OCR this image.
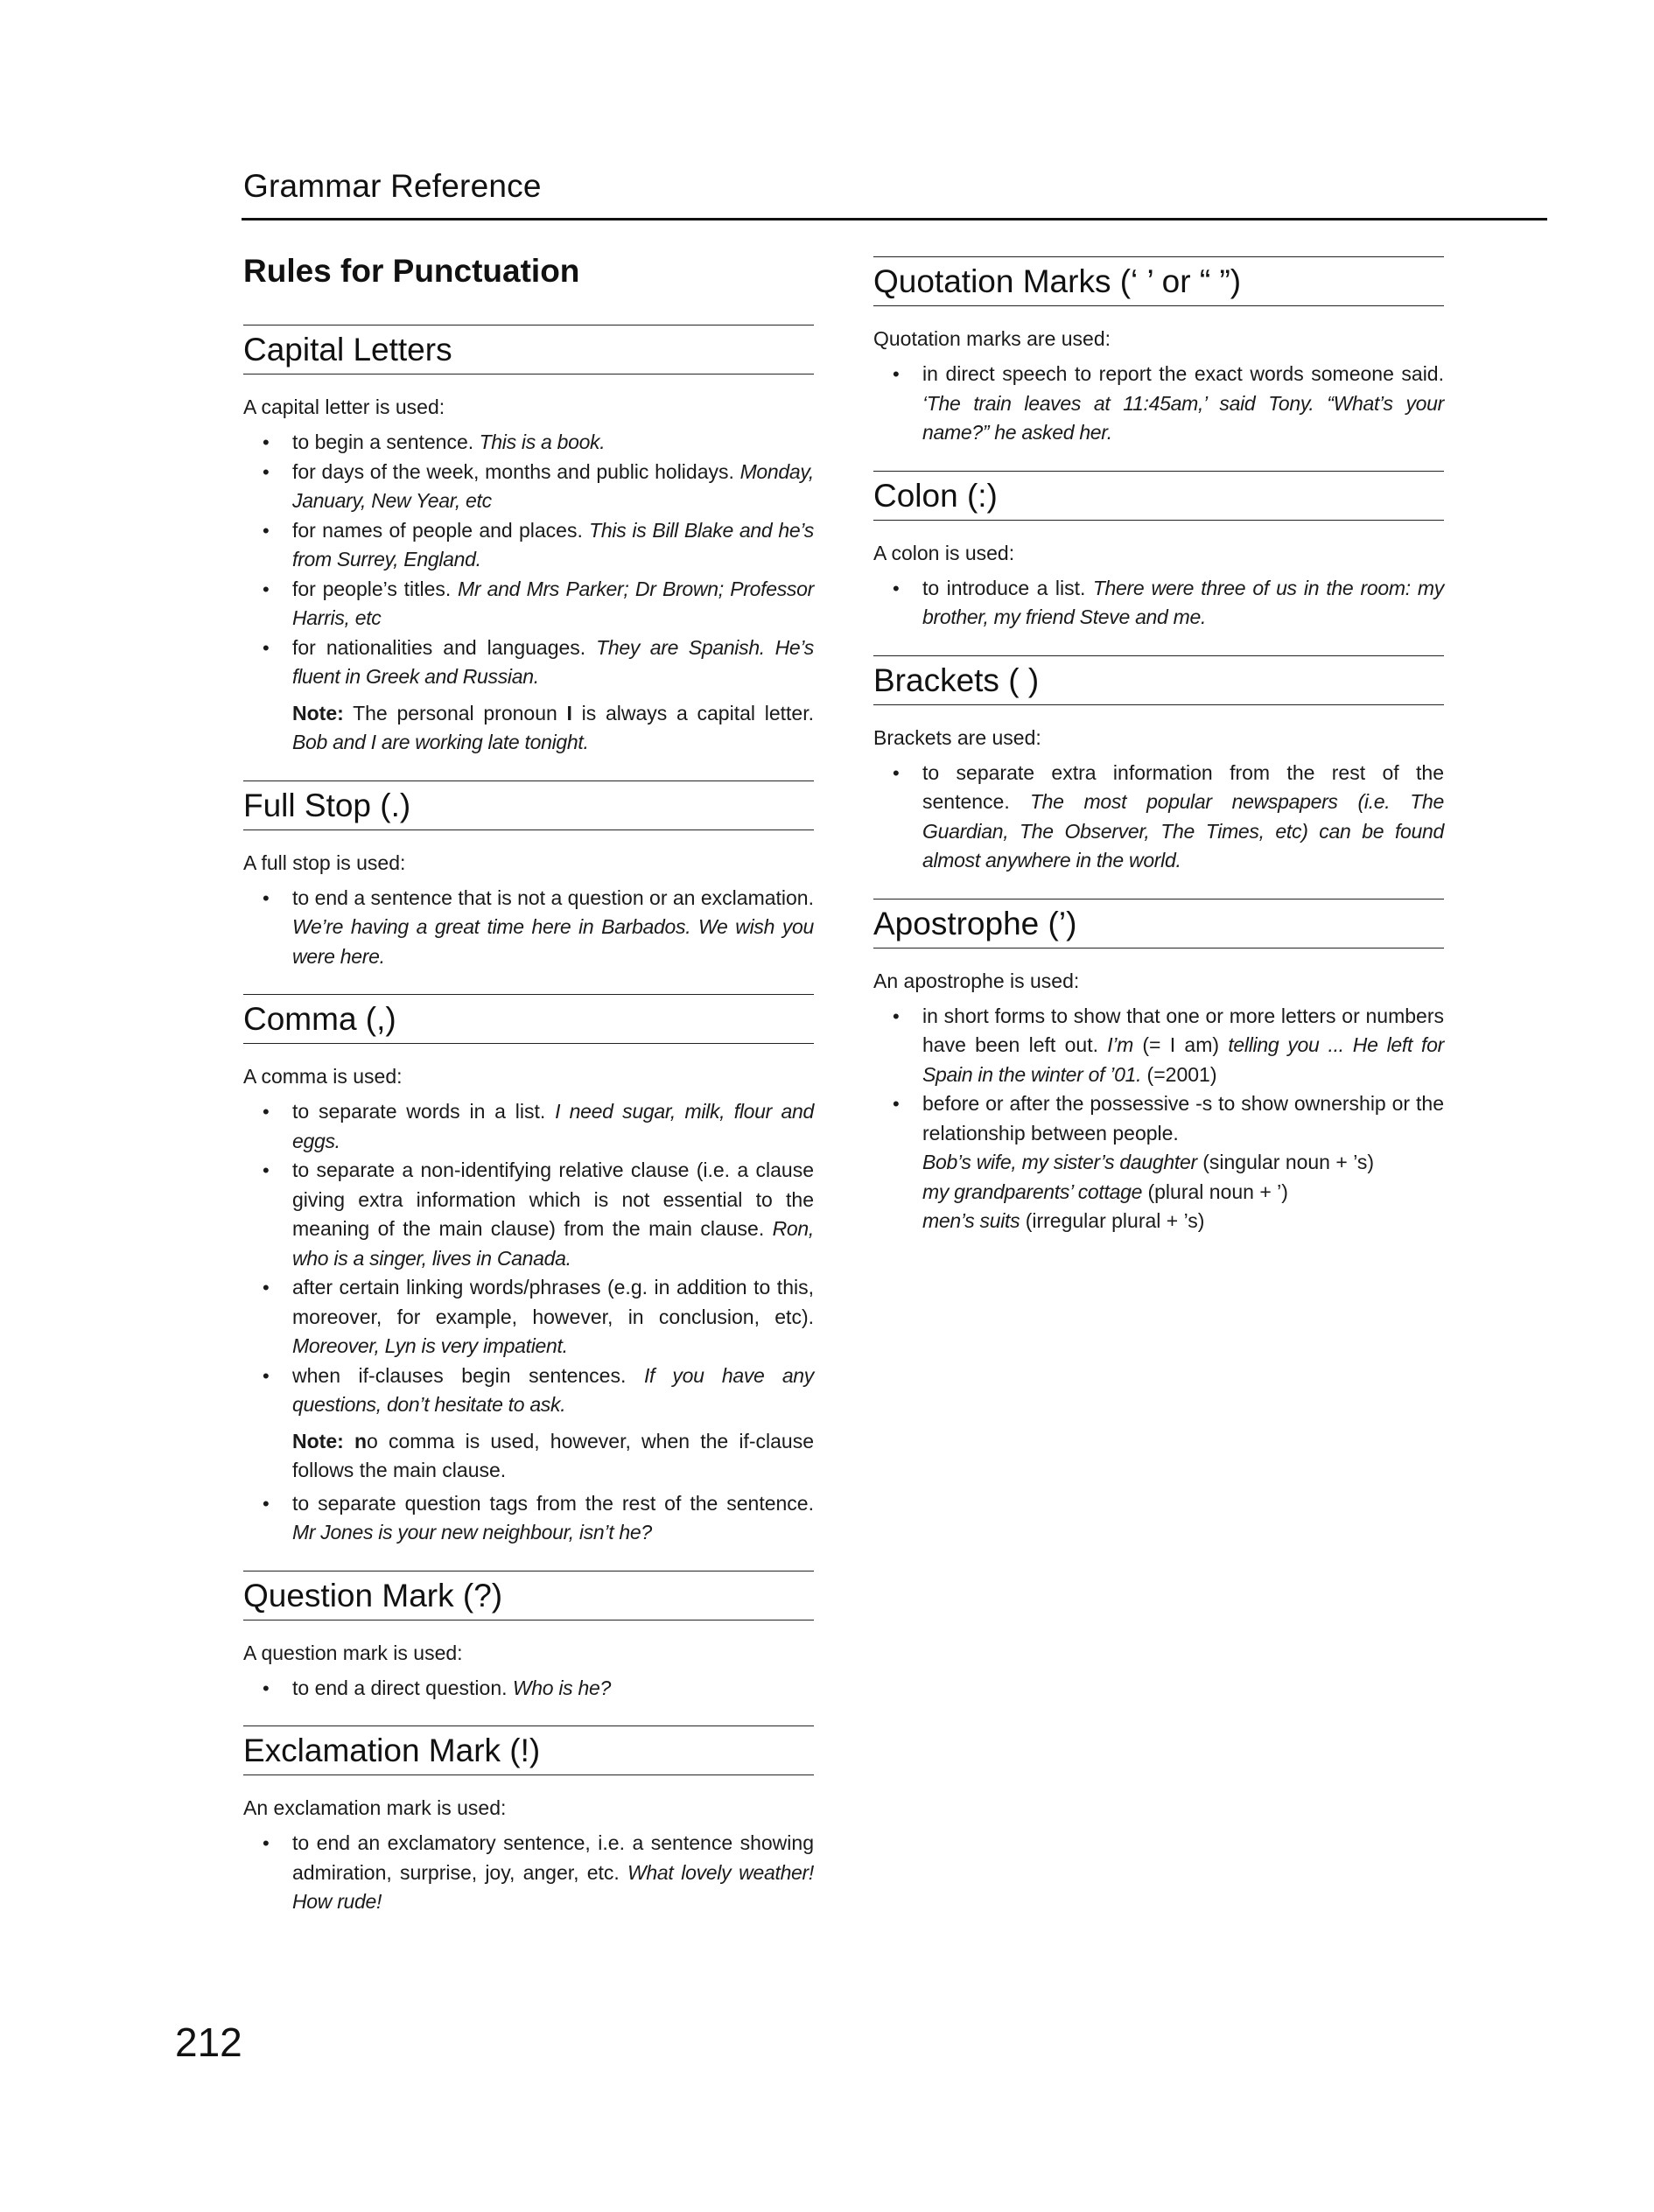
Grammar Reference
Rules for Punctuation
Capital Letters

A capital letter is used:

• to begin a sentence. This is a book.
• for days of the week, months and public holidays. Monday, January, New Year, etc
• for names of people and places. This is Bill Blake and he’s from Surrey, England.
• for people’s titles. Mr and Mrs Parker; Dr Brown; Professor Harris, etc
• for nationalities and languages. They are Spanish. He’s fluent in Greek and Russian.
Note: The personal pronoun I is always a capital letter. Bob and I are working late tonight.
Full Stop (.)

A full stop is used:

• to end a sentence that is not a question or an exclamation. We’re having a great time here in Barbados. We wish you were here.
Comma (,)

A comma is used:

• to separate words in a list. I need sugar, milk, flour and eggs.
• to separate a non-identifying relative clause (i.e. a clause giving extra information which is not essential to the meaning of the main clause) from the main clause. Ron, who is a singer, lives in Canada.
• after certain linking words/phrases (e.g. in addition to this, moreover, for example, however, in conclusion, etc). Moreover, Lyn is very impatient.
• when if-clauses begin sentences. If you have any questions, don’t hesitate to ask.
Note: no comma is used, however, when the if-clause follows the main clause.
• to separate question tags from the rest of the sentence. Mr Jones is your new neighbour, isn’t he?
Question Mark (?)

A question mark is used:

• to end a direct question. Who is he?
Exclamation Mark (!)

An exclamation mark is used:

• to end an exclamatory sentence, i.e. a sentence showing admiration, surprise, joy, anger, etc. What lovely weather! How rude!
Quotation Marks (‘ ’ or “ ”)

Quotation marks are used:

• in direct speech to report the exact words someone said. ‘The train leaves at 11:45am,’ said Tony. “What’s your name?” he asked her.
Colon (:)

A colon is used:

• to introduce a list. There were three of us in the room: my brother, my friend Steve and me.
Brackets ( )

Brackets are used:

• to separate extra information from the rest of the sentence. The most popular newspapers (i.e. The Guardian, The Observer, The Times, etc) can be found almost anywhere in the world.
Apostrophe (’)

An apostrophe is used:

• in short forms to show that one or more letters or numbers have been left out. I’m (= I am) telling you ... He left for Spain in the winter of ’01. (=2001)
• before or after the possessive -s to show ownership or the relationship between people.
Bob’s wife, my sister’s daughter (singular noun + ’s)
my grandparents’ cottage (plural noun + ’)
men’s suits (irregular plural + ’s)
212
